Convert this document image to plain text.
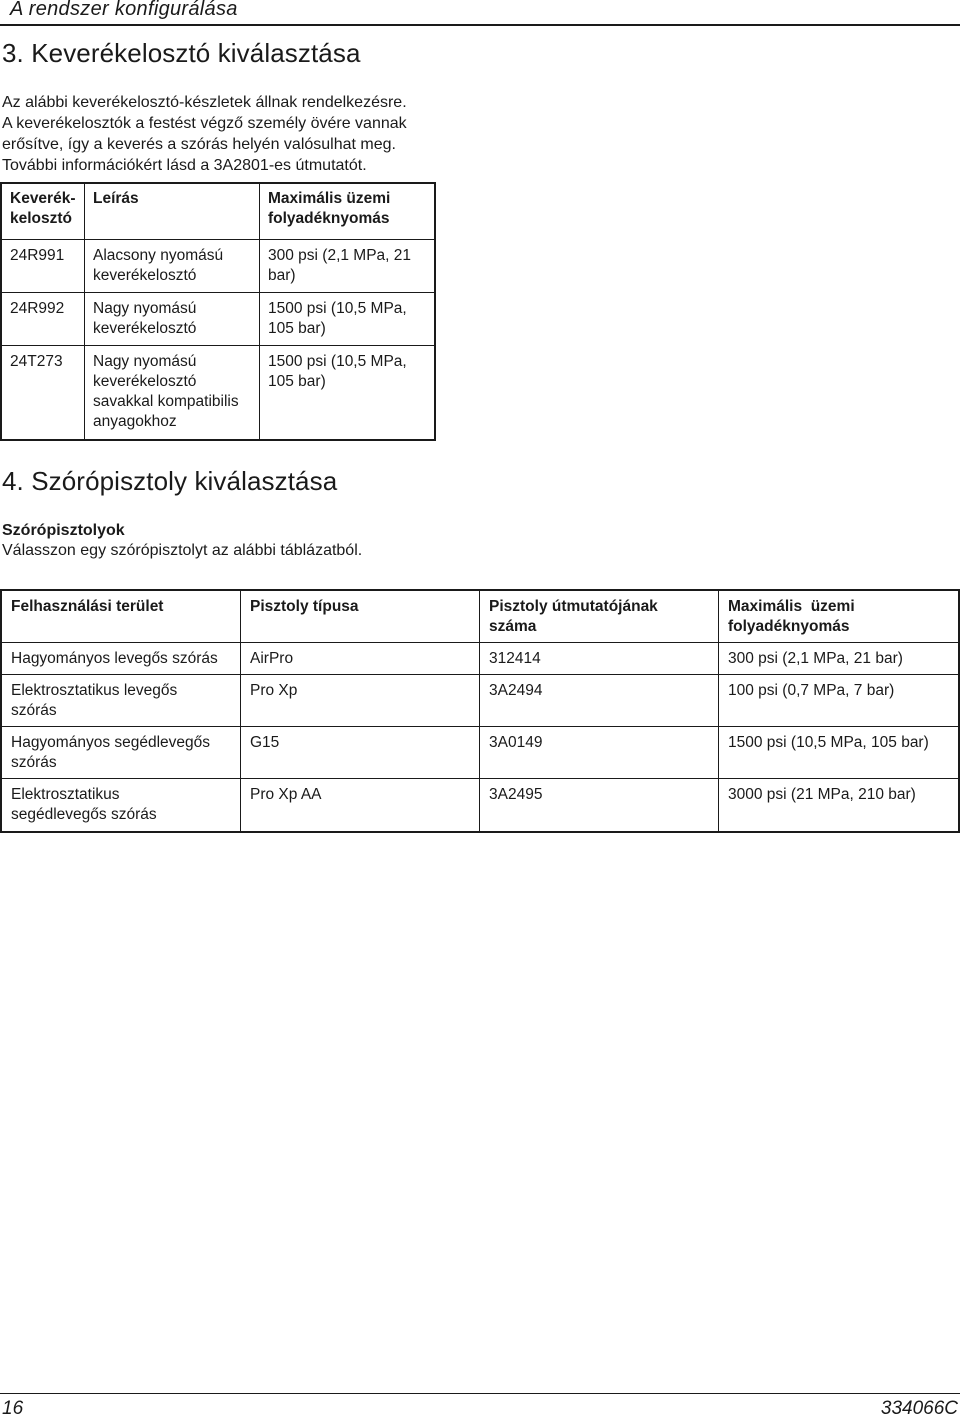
A rendszer konfigurálása
3. Keverékelosztó kiválasztása
Az alábbi keverékelosztó-készletek állnak rendelkezésre.
A keverékelosztók a festést végző személy övére vannak
erősítve, így a keverés a szórás helyén valósulhat meg.
További információkért lásd a 3A2801-es útmutatót.
Keverék-
kelosztó	Leírás	Maximális üzemi
folyadéknyomás
24R991	Alacsony nyomású
keverékelosztó	300 psi (2,1 MPa, 21
bar)
24R992	Nagy nyomású
keverékelosztó	1500 psi (10,5 MPa,
105 bar)
24T273	Nagy nyomású
keverékelosztó
savakkal kompatibilis
anyagokhoz	1500 psi (10,5 MPa,
105 bar)
4. Szórópisztoly kiválasztása
Szórópisztolyok
Válasszon egy szórópisztolyt az alábbi táblázatból.
Felhasználási terület	Pisztoly típusa	Pisztoly útmutatójának száma	Maximális  üzemi
folyadéknyomás
Hagyományos levegős szórás	AirPro	312414	300 psi (2,1 MPa, 21 bar)
Elektrosztatikus levegős
szórás	Pro Xp	3A2494	100 psi (0,7 MPa, 7 bar)
Hagyományos segédlevegős
szórás	G15	3A0149	1500 psi (10,5 MPa, 105 bar)
Elektrosztatikus
segédlevegős szórás	Pro Xp AA	3A2495	3000 psi (21 MPa, 210 bar)
16	334066C
